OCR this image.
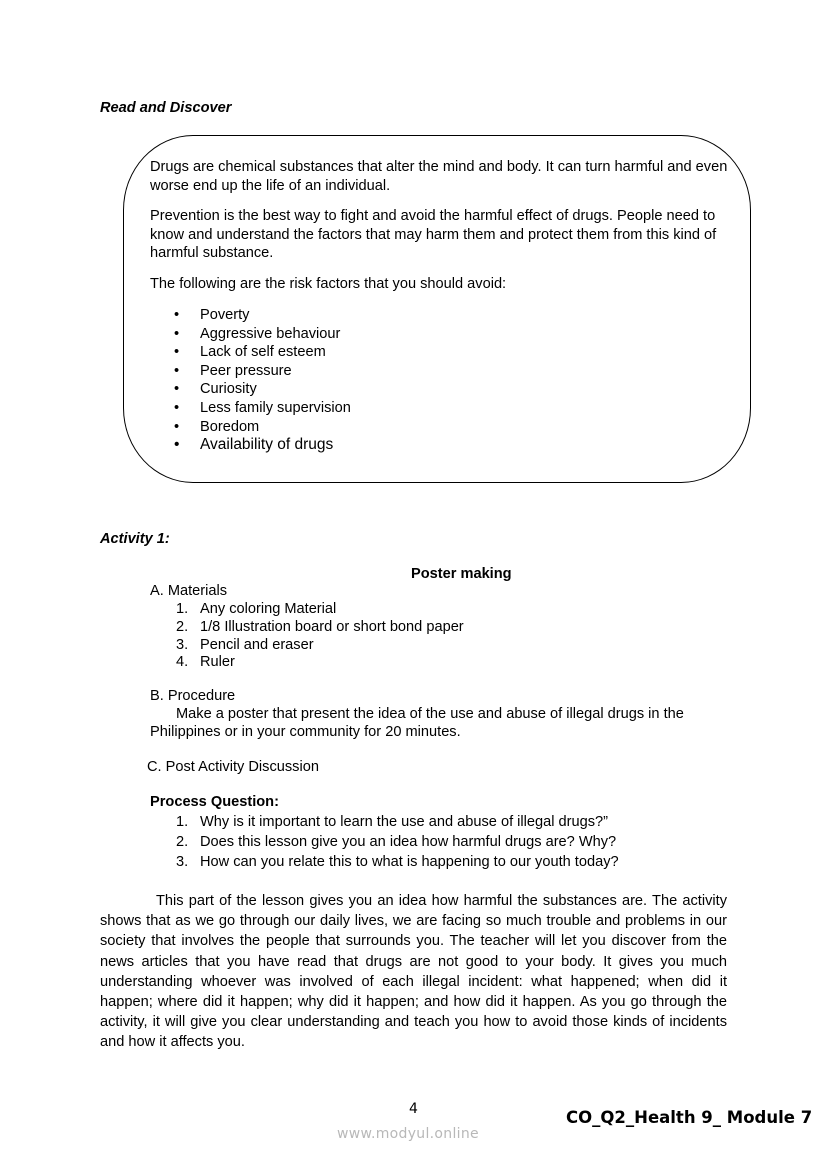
Read and Discover
Drugs are chemical substances that alter the mind and body. It can turn harmful and even worse end up the life of an individual.
Prevention is the best way to fight and avoid the harmful effect of drugs. People need to know and understand the factors that may harm them and protect them from this kind of harmful substance.
The following are the risk factors that you should avoid:
• Poverty
• Aggressive behaviour
• Lack of self esteem
• Peer pressure
• Curiosity
• Less family supervision
• Boredom
• Availability of drugs
Activity 1:
Poster making
A. Materials
1. Any coloring Material
2. 1/8 Illustration board or short bond paper
3. Pencil and eraser
4. Ruler
B. Procedure
Make a poster that present the idea of the use and abuse of illegal drugs in the
Philippines or in your community for 20 minutes.
C. Post Activity Discussion
Process Question:
1. Why is it important to learn the use and abuse of illegal drugs?”
2. Does this lesson give you an idea how harmful drugs are? Why?
3. How can you relate this to what is happening to our youth today?
This part of the lesson gives you an idea how harmful the substances are. The activity shows that as we go through our daily lives, we are facing so much trouble and problems in our society that involves the people that surrounds you. The teacher will let you discover from the news articles that you have read that drugs are not good to your body. It gives you much understanding whoever was involved of each illegal incident: what happened; when did it happen; where did it happen; why did it happen; and how did it happen. As you go through the activity, it will give you clear understanding and teach you how to avoid those kinds of incidents and how it affects you.
4	CO_Q2_Health 9_ Module 7
www.modyul.online
